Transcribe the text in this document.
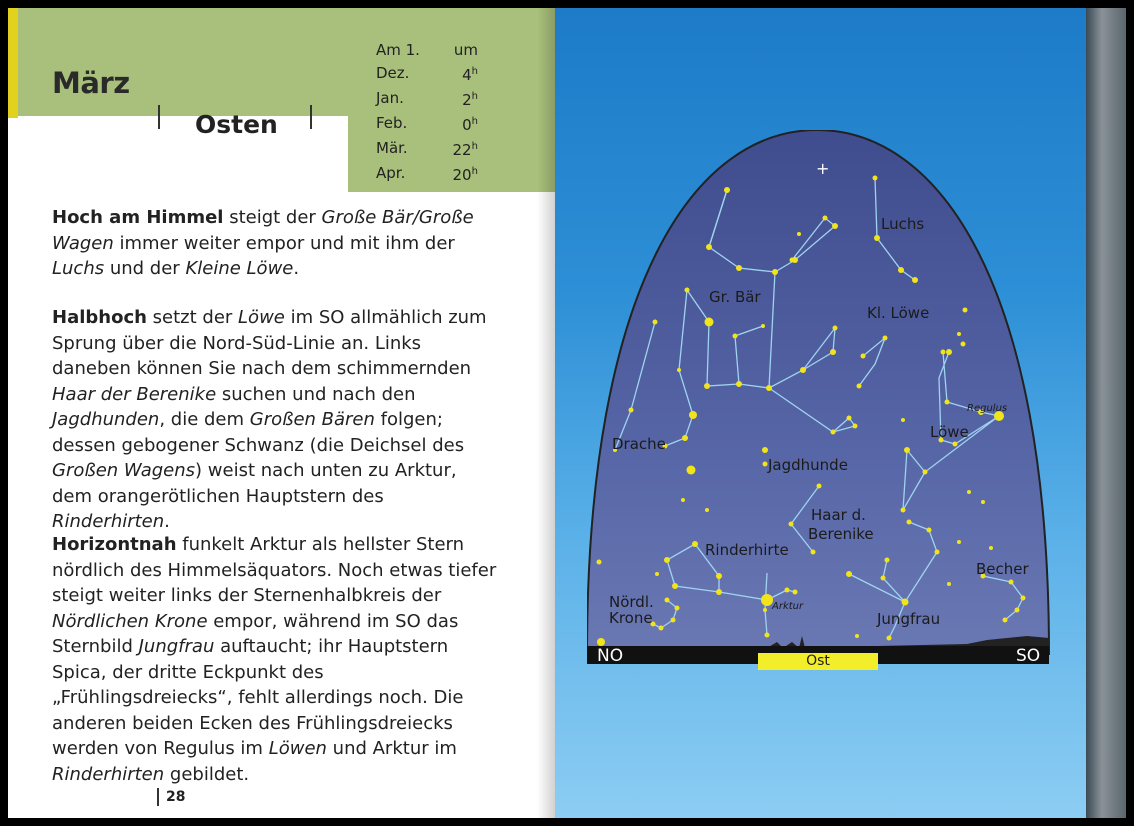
März
Osten
Am 1.	um
Dez.	4$^h$
Jan.	2$^h$
Feb.	0$^h$
Mär.	22$^h$
Apr.	20$^h$
Hoch am Himmel steigt der Große Bär/Große Wagen immer weiter empor und mit ihm der Luchs und der Kleine Löwe.
Halbhoch setzt der Löwe im SO allmählich zum Sprung über die Nord-Süd-Linie an. Links daneben können Sie nach dem schimmernden Haar der Berenike suchen und nach den Jagdhunden, die dem Großen Bären folgen; dessen gebogener Schwanz (die Deichsel des Großen Wagens) weist nach unten zu Arktur, dem orangerötlichen Hauptstern des Rinderhirten.
Horizontnah funkelt Arktur als hellster Stern nördlich des Himmelsäquators. Noch etwas tiefer steigt weiter links der Sternenhalbkreis der Nördlichen Krone empor, während im SO das Sternbild Jungfrau auftaucht; ihr Hauptstern Spica, der dritte Eckpunkt des „Frühlingsdreiecks“, fehlt allerdings noch. Die anderen beiden Ecken des Frühlingsdreiecks werden von Regulus im Löwen und Arktur im Rinderhirten gebildet.
28
+
Luchs
Gr. Bär
Kl. Löwe
Drache
Löwe
Jagdhunde
Haar d.
Berenike
Rinderhirte
Becher
Nördl.
Krone	Jungfrau
Regulus
Arktur
NO	SO
Ost
